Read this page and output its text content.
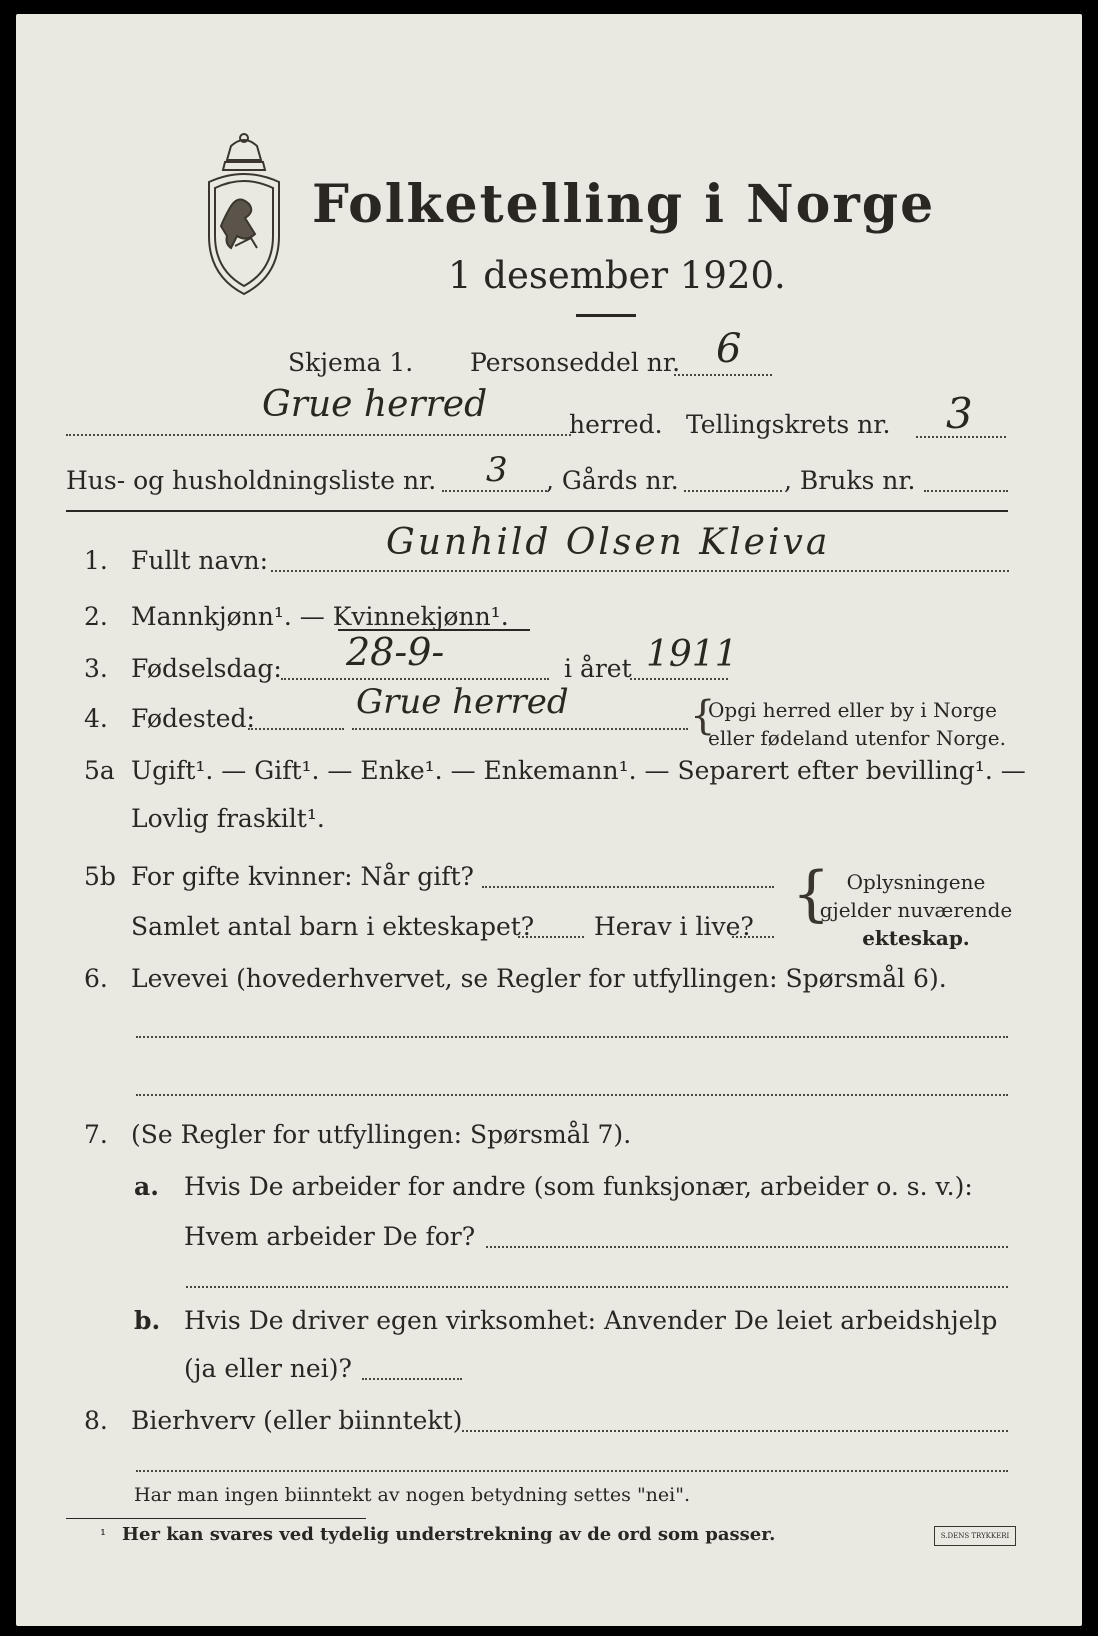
Folketelling i Norge
1 desember 1920.
Skjema 1. Personseddel nr. 6
Grue herred	herred. Tellingskrets nr. 3
Hus- og husholdningsliste nr. 3 , Gårds nr.	, Bruks nr.
1. Fullt navn:	Gunhild Olsen Kleiva
2. Mannkjønn¹. — Kvinnekjønn¹.
3. Fødselsdag: 28-9-	i året 1911
4. Fødested:	Grue herred	{
Opgi herred eller by i Norge
eller fødeland utenfor Norge.
5a Ugift¹. — Gift¹. — Enke¹. — Enkemann¹. — Separert efter bevilling¹. —
Lovlig fraskilt¹.
5b For gifte kvinner: Når gift?
Samlet antal barn i ekteskapet? Herav i live? { Oplysningene
gjelder nuværende
ekteskap.
6. Levevei (hovederhvervet, se Regler for utfyllingen: Spørsmål 6).
7. (Se Regler for utfyllingen: Spørsmål 7).
a. Hvis De arbeider for andre (som funksjonær, arbeider o. s. v.):
Hvem arbeider De for?
b. Hvis De driver egen virksomhet: Anvender De leiet arbeidshjelp
(ja eller nei)?
8. Bierhverv (eller biinntekt)
Har man ingen biinntekt av nogen betydning settes "nei".
¹ Her kan svares ved tydelig understrekning av de ord som passer.	S.DENS TRYKKERI
